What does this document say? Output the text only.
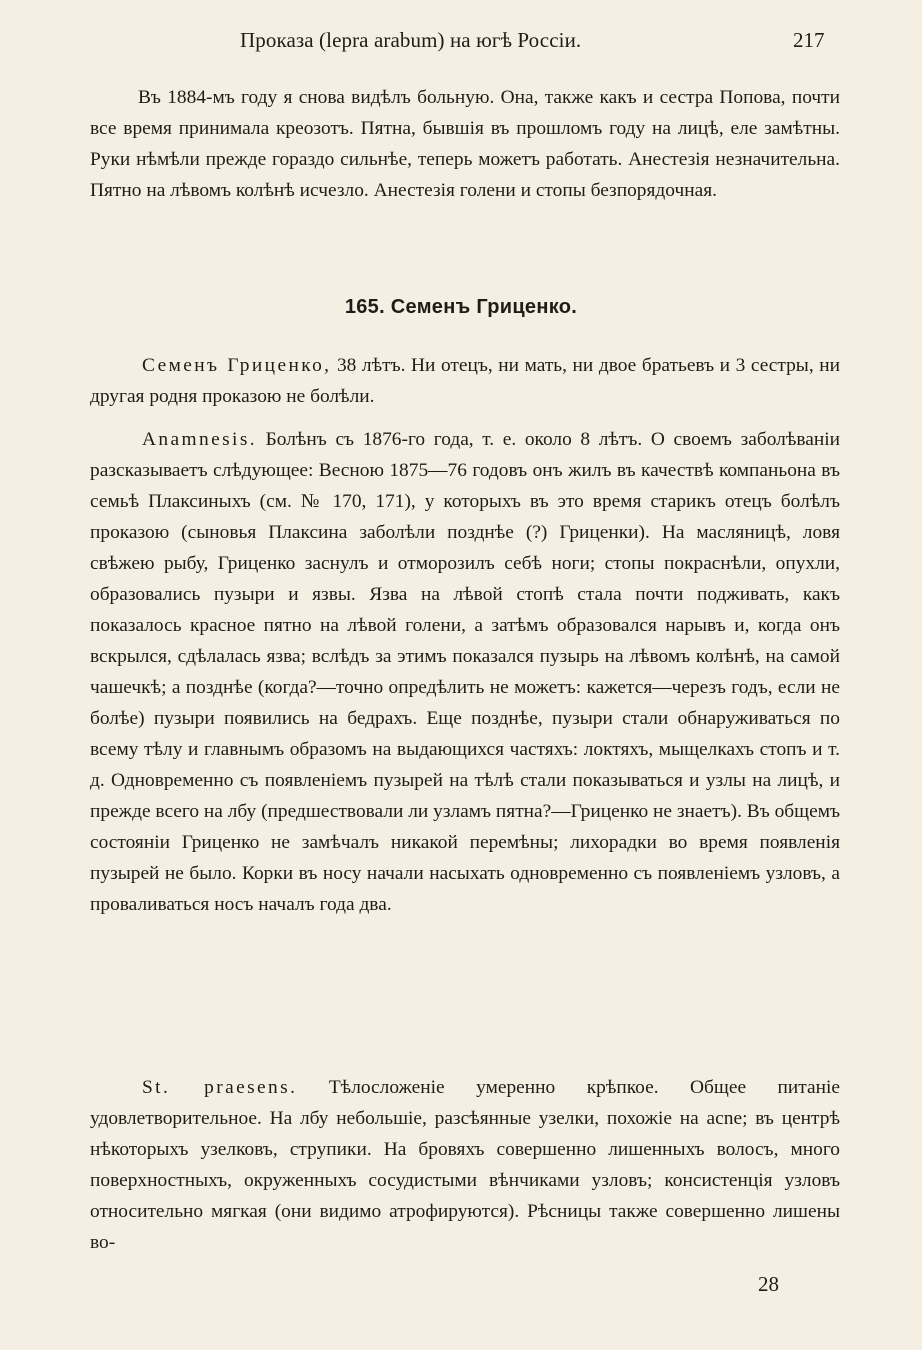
Проказа (lepra arabum) на югѣ Россіи.	217

Въ 1884-мъ году я снова видѣлъ больную. Она, также какъ и сестра Попова, почти все время принимала креозотъ. Пятна, бывшія въ прошломъ году на лицѣ, еле замѣтны. Руки нѣмѣли прежде гораздо сильнѣе, теперь можетъ работать. Анестезія незначительна. Пятно на лѣвомъ колѣнѣ исчезло. Анестезія голени и стопы безпорядочная.

165. Семенъ Гриценко.

Семенъ Гриценко, 38 лѣтъ. Ни отецъ, ни мать, ни двое братьевъ и 3 сестры, ни другая родня проказою не болѣли.

Anamnesis. Болѣнъ съ 1876-го года, т. е. около 8 лѣтъ. О своемъ заболѣваніи разсказываетъ слѣдующее: Весною 1875—76 годовъ онъ жилъ въ качествѣ компаньона въ семьѣ Плаксиныхъ (см. № 170, 171), у которыхъ въ это время старикъ отецъ болѣлъ проказою (сыновья Плаксина заболѣли позднѣе (?) Гриценки). На масляницѣ, ловя свѣжею рыбу, Гриценко заснулъ и отморозилъ себѣ ноги; стопы покраснѣли, опухли, образовались пузыри и язвы. Язва на лѣвой стопѣ стала почти подживать, какъ показалось красное пятно на лѣвой голени, а затѣмъ образовался нарывъ и, когда онъ вскрылся, сдѣлалась язва; вслѣдъ за этимъ показался пузырь на лѣвомъ колѣнѣ, на самой чашечкѣ; а позднѣе (когда?—точно опредѣлить не можетъ: кажется—черезъ годъ, если не болѣе) пузыри появились на бедрахъ. Еще позднѣе, пузыри стали обнаруживаться по всему тѣлу и главнымъ образомъ на выдающихся частяхъ: локтяхъ, мыщелкахъ стопъ и т. д. Одновременно съ появленіемъ пузырей на тѣлѣ стали показываться и узлы на лицѣ, и прежде всего на лбу (предшествовали ли узламъ пятна?—Гриценко не знаетъ). Въ общемъ состояніи Гриценко не замѣчалъ никакой перемѣны; лихорадки во время появленія пузырей не было. Корки въ носу начали насыхать одновременно съ появленіемъ узловъ, а проваливаться носъ началъ года два.

St. praesens. Тѣлосложеніе умеренно крѣпкое. Общее питаніе удовлетворительное. На лбу небольшіе, разсѣянные узелки, похожіе на acne; въ центрѣ нѣкоторыхъ узелковъ, струпики. На бровяхъ совершенно лишенныхъ волосъ, много поверхностныхъ, окруженныхъ сосудистыми вѣнчиками узловъ; консистенція узловъ относительно мягкая (они видимо атрофируются). Рѣсницы также совершенно лишены во-

28
